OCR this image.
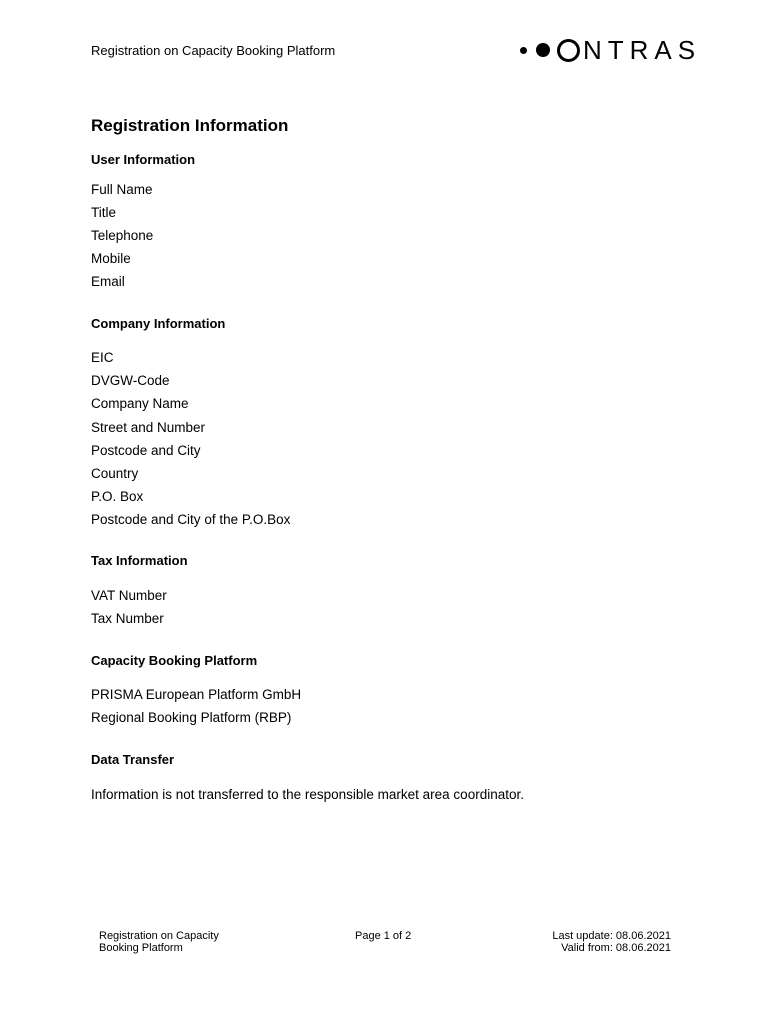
Registration on Capacity Booking Platform	NTRAS
Registration Information
User Information

Full Name

Title

Telephone

Mobile

Email

Company Information

EIC

DVGW-Code

Company Name

Street and Number

Postcode and City

Country

P.O. Box

Postcode and City of the P.O.Box

Tax Information

VAT Number

Tax Number

Capacity Booking Platform

PRISMA European Platform GmbH

Regional Booking Platform (RBP)

Data Transfer

Information is not transferred to the responsible market area coordinator.

Registration on Capacity
Booking Platform
Page 1 of 2	Last update: 08.06.2021
Valid from: 08.06.2021
